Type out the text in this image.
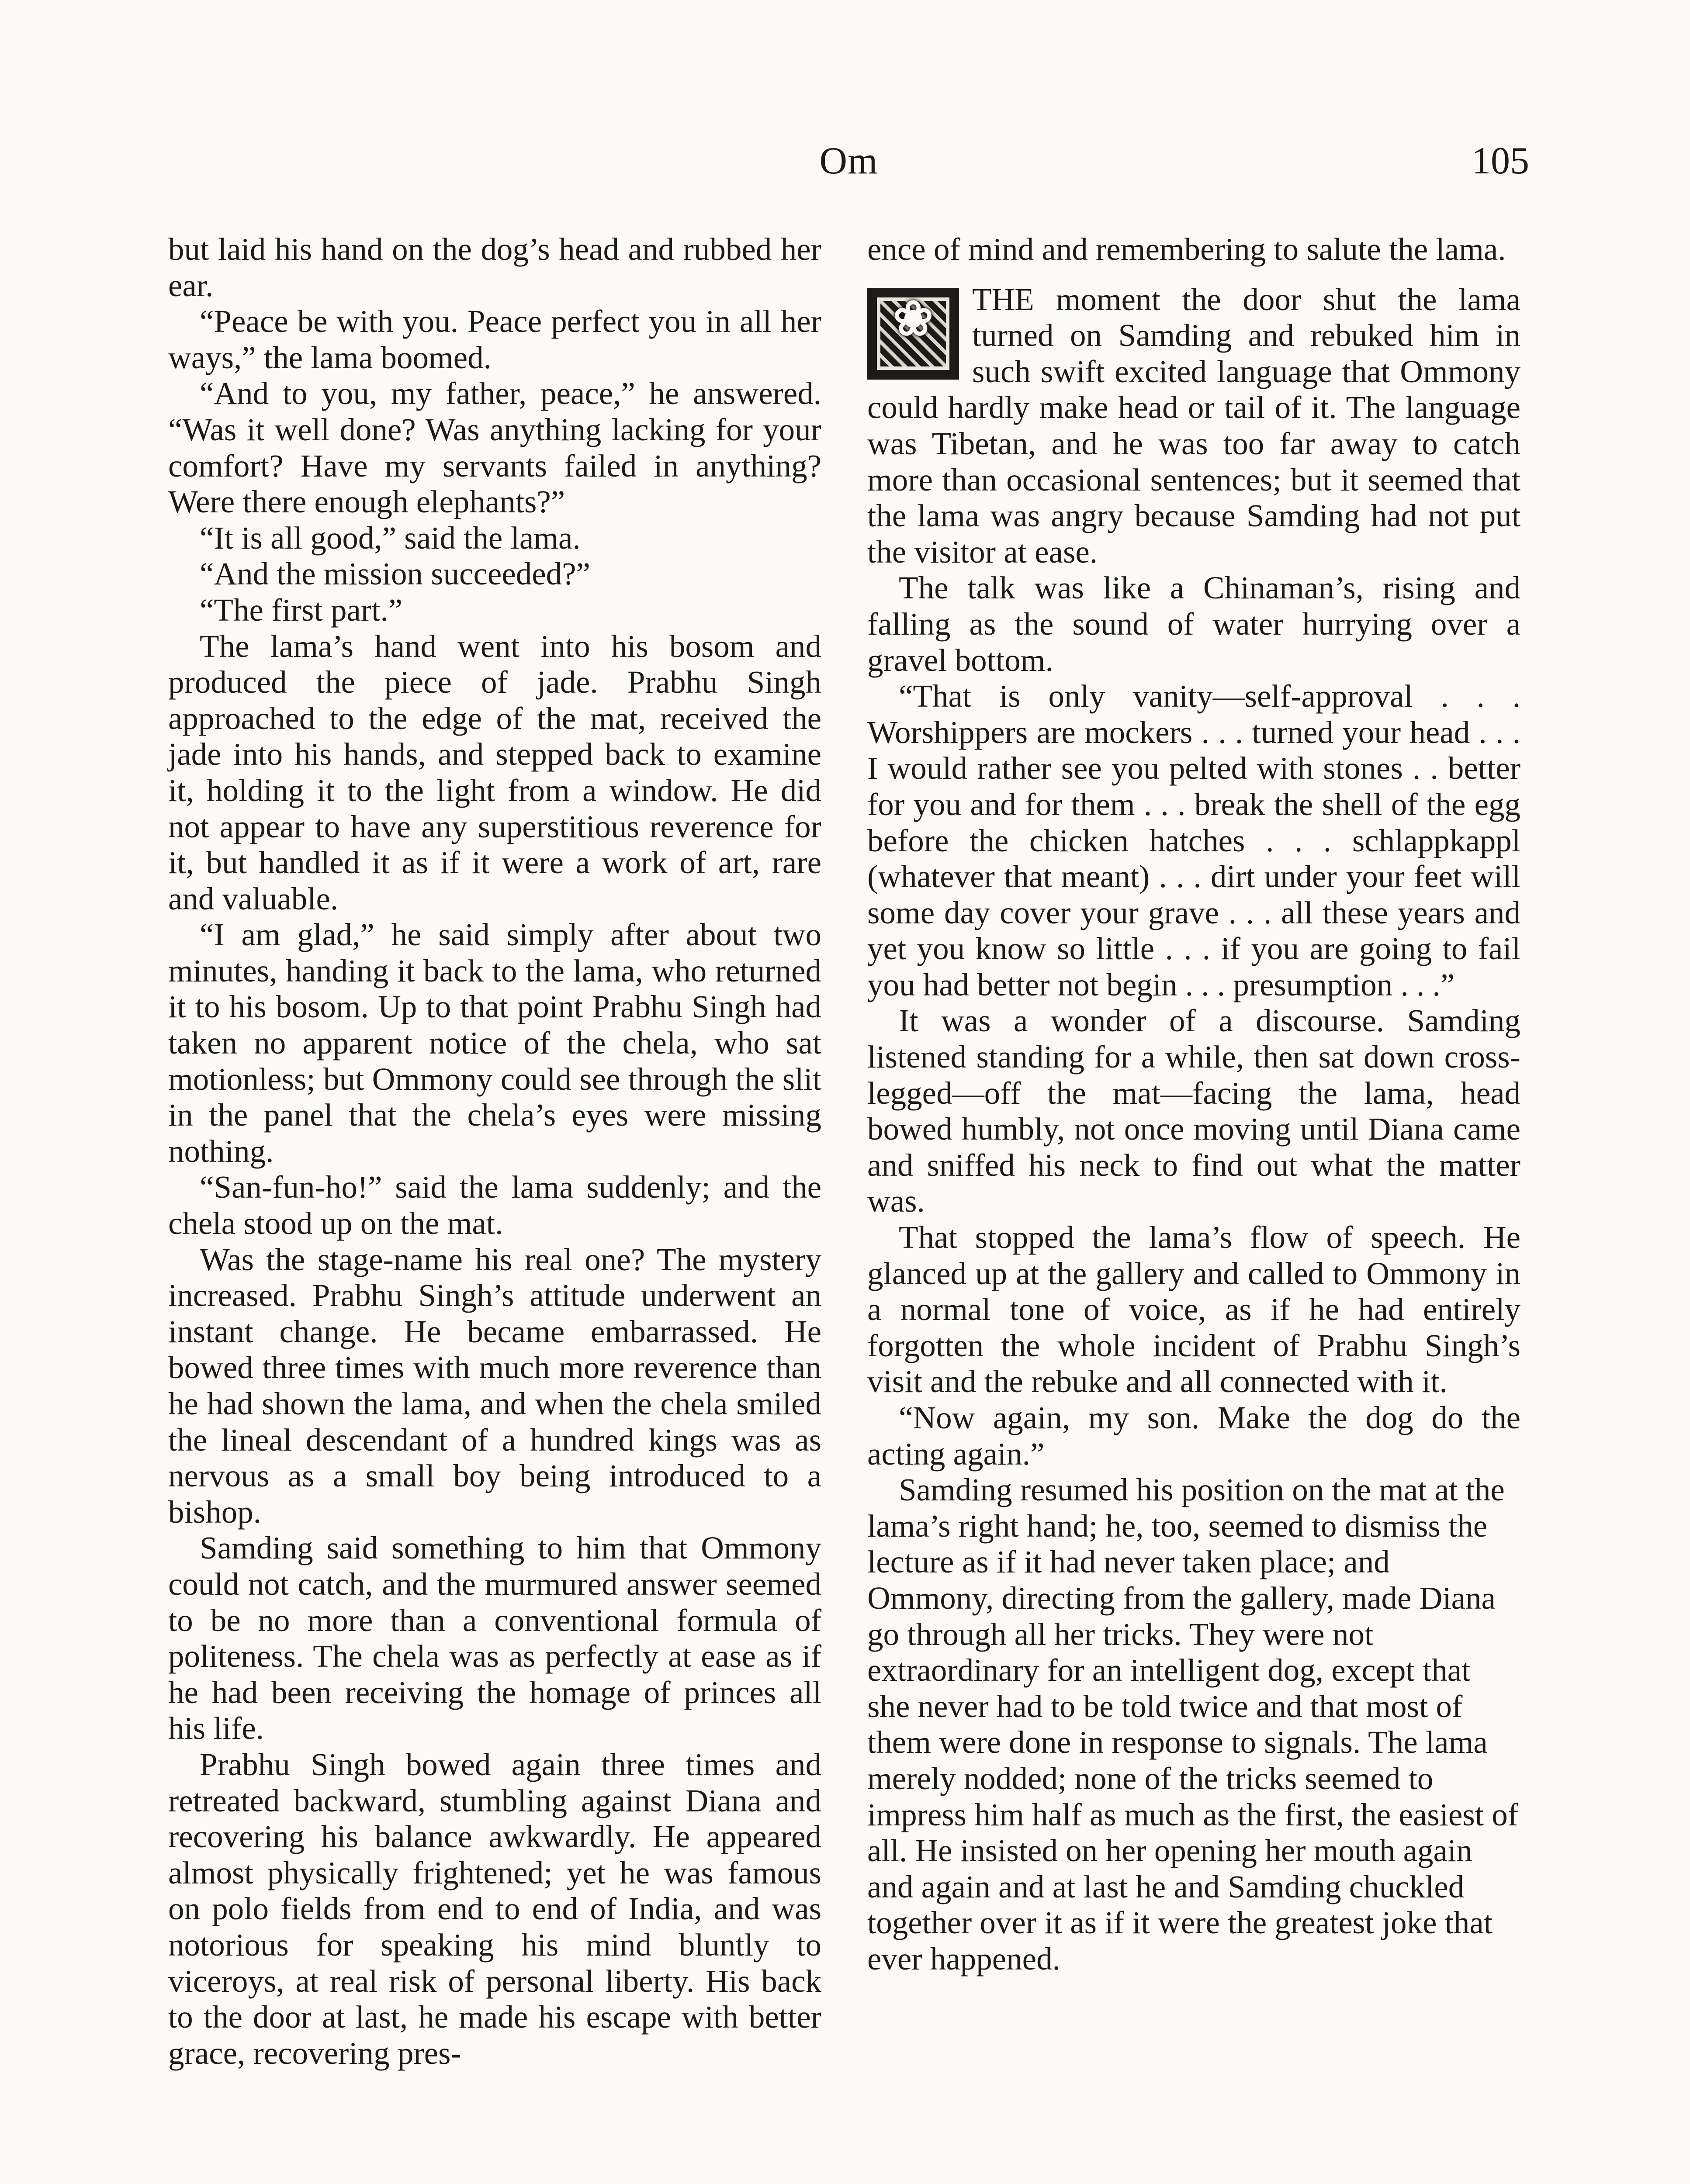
Om	105

but laid his hand on the dog’s head and rubbed her ear.

“Peace be with you. Peace perfect you in all her ways,” the lama boomed.

“And to you, my father, peace,” he answered. “Was it well done? Was anything lacking for your comfort? Have my servants failed in anything? Were there enough elephants?”

“It is all good,” said the lama.

“And the mission succeeded?”

“The first part.”

The lama’s hand went into his bosom and produced the piece of jade. Prabhu Singh approached to the edge of the mat, received the jade into his hands, and stepped back to examine it, holding it to the light from a window. He did not appear to have any superstitious reverence for it, but handled it as if it were a work of art, rare and valuable.

“I am glad,” he said simply after about two minutes, handing it back to the lama, who returned it to his bosom. Up to that point Prabhu Singh had taken no apparent notice of the chela, who sat motionless; but Ommony could see through the slit in the panel that the chela’s eyes were missing nothing.

“San-fun-ho!” said the lama suddenly; and the chela stood up on the mat.

Was the stage-name his real one? The mystery increased. Prabhu Singh’s attitude underwent an instant change. He became embarrassed. He bowed three times with much more reverence than he had shown the lama, and when the chela smiled the lineal descendant of a hundred kings was as nervous as a small boy being introduced to a bishop.

Samding said something to him that Ommony could not catch, and the murmured answer seemed to be no more than a conventional formula of politeness. The chela was as perfectly at ease as if he had been receiving the homage of princes all his life.

Prabhu Singh bowed again three times and retreated backward, stumbling against Diana and recovering his balance awkwardly. He appeared almost physically frightened; yet he was famous on polo fields from end to end of India, and was notorious for speaking his mind bluntly to viceroys, at real risk of personal liberty. His back to the door at last, he made his escape with better grace, recovering pres-

ence of mind and remembering to salute the lama.

❀	THE moment the door shut the lama turned on Samding and rebuked him in such swift excited language that Ommony could hardly make head or tail of it. The language was Tibetan, and he was too far away to catch more than occasional sentences; but it seemed that the lama was angry because Samding had not put the visitor at ease.

The talk was like a Chinaman’s, rising and falling as the sound of water hurrying over a gravel bottom.

“That is only vanity—self-approval . . . Worshippers are mockers . . . turned your head . . . I would rather see you pelted with stones . . better for you and for them . . . break the shell of the egg before the chicken hatches . . . schlappkappl (whatever that meant) . . . dirt under your feet will some day cover your grave . . . all these years and yet you know so little . . . if you are going to fail you had better not begin . . . presumption . . .”

It was a wonder of a discourse. Samding listened standing for a while, then sat down cross-legged—off the mat—facing the lama, head bowed humbly, not once moving until Diana came and sniffed his neck to find out what the matter was.

That stopped the lama’s flow of speech. He glanced up at the gallery and called to Ommony in a normal tone of voice, as if he had entirely forgotten the whole incident of Prabhu Singh’s visit and the rebuke and all connected with it.

“Now again, my son. Make the dog do the acting again.”

Samding resumed his position on the mat at the lama’s right hand; he, too, seemed to dismiss the lecture as if it had never taken place; and Ommony, directing from the gallery, made Diana go through all her tricks. They were not extraordinary for an intelligent dog, except that she never had to be told twice and that most of them were done in response to signals. The lama merely nodded; none of the tricks seemed to impress him half as much as the first, the easiest of all. He insisted on her opening her mouth again and again and at last he and Samding chuckled together over it as if it were the greatest joke that ever happened.
